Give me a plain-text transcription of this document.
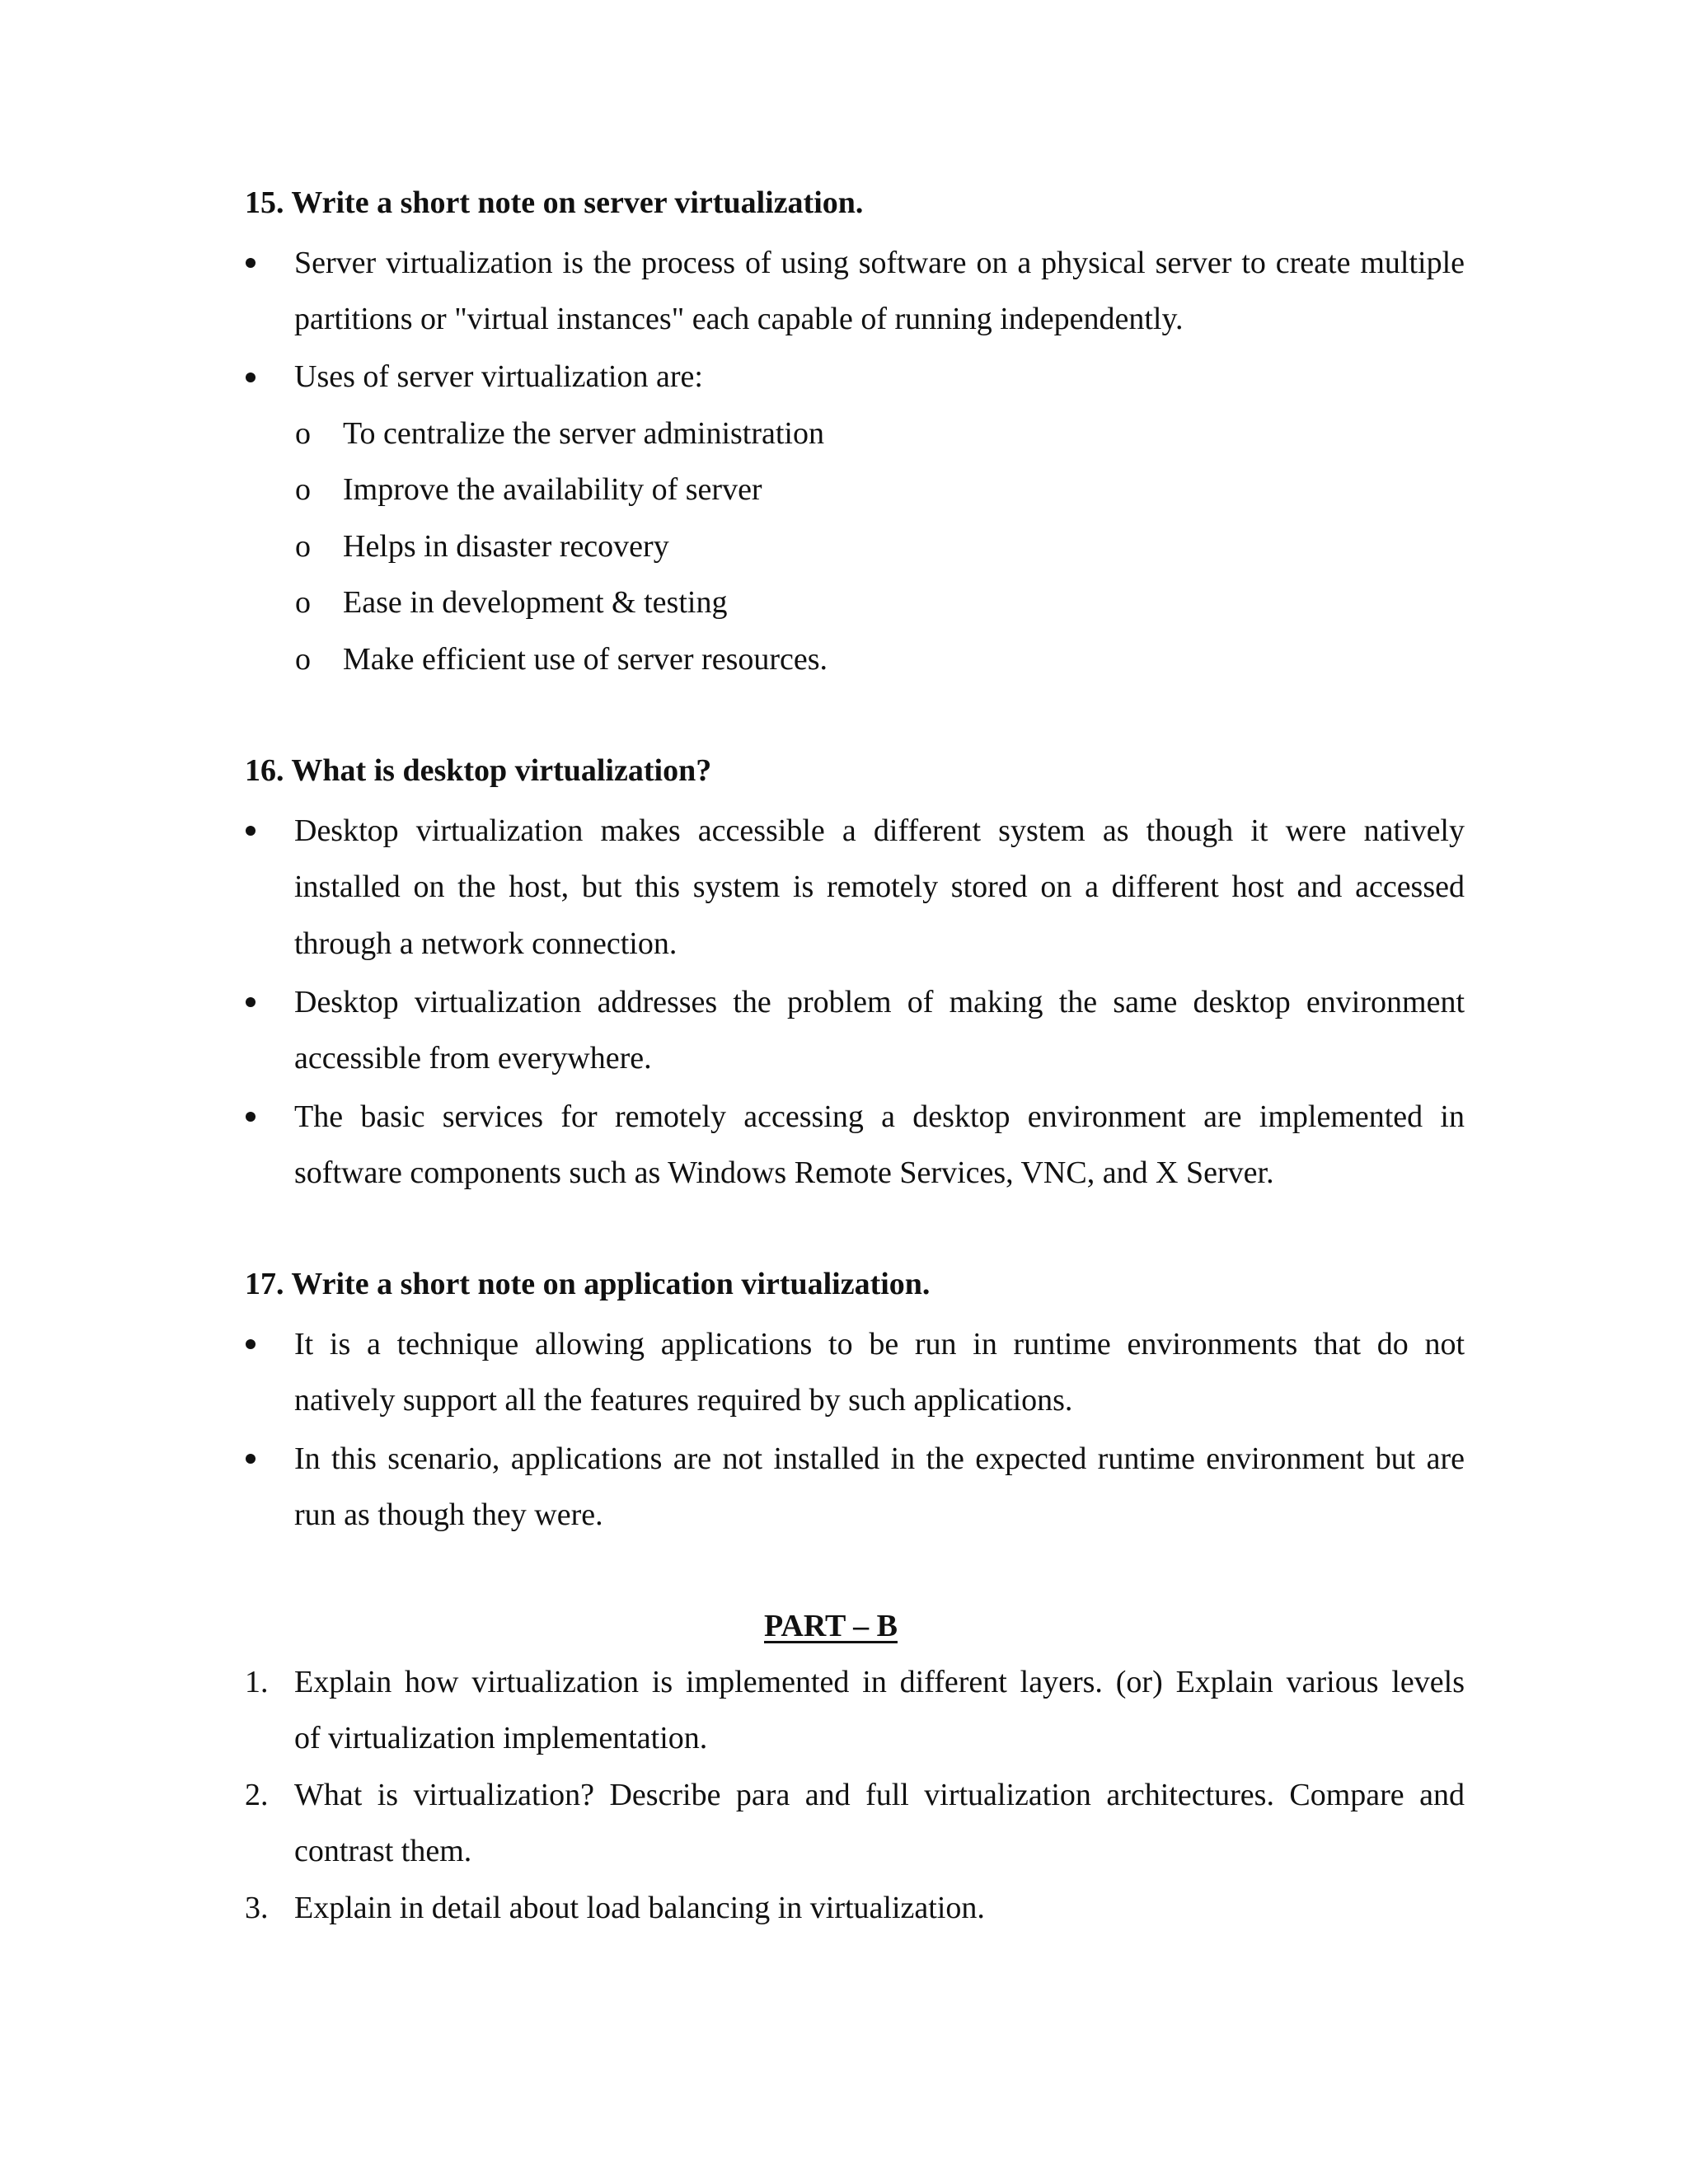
15. Write a short note on server virtualization.
Server virtualization is the process of using software on a physical server to create multiple
partitions or "virtual instances" each capable of running independently.
Uses of server virtualization are:
o To centralize the server administration
o Improve the availability of server
o Helps in disaster recovery
o Ease in development & testing
o Make efficient use of server resources.
16. What is desktop virtualization?
Desktop virtualization makes accessible a different system as though it were natively
installed on the host, but this system is remotely stored on a different host and accessed
through a network connection.
Desktop virtualization addresses the problem of making the same desktop environment
accessible from everywhere.
The basic services for remotely accessing a desktop environment are implemented in
software components such as Windows Remote Services, VNC, and X Server.
17. Write a short note on application virtualization.
It is a technique allowing applications to be run in runtime environments that do not
natively support all the features required by such applications.
In this scenario, applications are not installed in the expected runtime environment but are
run as though they were.
PART – B
1. Explain how virtualization is implemented in different layers. (or) Explain various levels
of virtualization implementation.
2. What is virtualization? Describe para and full virtualization architectures. Compare and
contrast them.
3. Explain in detail about load balancing in virtualization.
